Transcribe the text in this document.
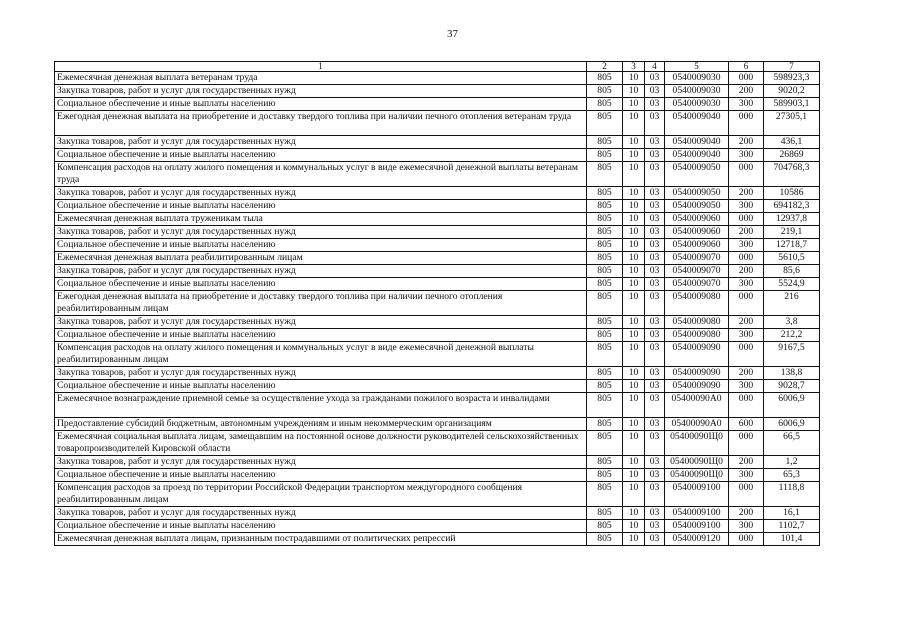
37
1	2	3	4	5	6	7
Ежемесячная денежная выплата ветеранам труда	805	10	03	0540009030	000	598923,3
Закупка товаров, работ и услуг для государственных нужд	805	10	03	0540009030	200	9020,2
Социальное обеспечение и иные выплаты населению	805	10	03	0540009030	300	589903,1
Ежегодная денежная выплата на приобретение и доставку твердого топлива при наличии печного отопления ветеранам труда	805	10	03	0540009040	000	27305,1
Закупка товаров, работ и услуг для государственных нужд	805	10	03	0540009040	200	436,1
Социальное обеспечение и иные выплаты населению	805	10	03	0540009040	300	26869
Компенсация расходов на оплату жилого помещения и коммунальных услуг в виде ежемесячной денежной выплаты ветеранам труда	805	10	03	0540009050	000	704768,3
Закупка товаров, работ и услуг для государственных нужд	805	10	03	0540009050	200	10586
Социальное обеспечение и иные выплаты населению	805	10	03	0540009050	300	694182,3
Ежемесячная денежная выплата труженикам тыла	805	10	03	0540009060	000	12937,8
Закупка товаров, работ и услуг для государственных нужд	805	10	03	0540009060	200	219,1
Социальное обеспечение и иные выплаты населению	805	10	03	0540009060	300	12718,7
Ежемесячная денежная выплата реабилитированным лицам	805	10	03	0540009070	000	5610,5
Закупка товаров, работ и услуг для государственных нужд	805	10	03	0540009070	200	85,6
Социальное обеспечение и иные выплаты населению	805	10	03	0540009070	300	5524,9
Ежегодная денежная выплата на приобретение и доставку твердого топлива при наличии печного отопления реабилитированным лицам	805	10	03	0540009080	000	216
Закупка товаров, работ и услуг для государственных нужд	805	10	03	0540009080	200	3,8
Социальное обеспечение и иные выплаты населению	805	10	03	0540009080	300	212,2
Компенсация расходов на оплату жилого помещения и коммунальных услуг в виде ежемесячной денежной выплаты реабилитированным лицам	805	10	03	0540009090	000	9167,5
Закупка товаров, работ и услуг для государственных нужд	805	10	03	0540009090	200	138,8
Социальное обеспечение и иные выплаты населению	805	10	03	0540009090	300	9028,7
Ежемесячное вознаграждение приемной семье за осуществление ухода за гражданами пожилого возраста и инвалидами	805	10	03	05400090А0	000	6006,9
Предоставление субсидий бюджетным, автономным учреждениям и иным некоммерческим организациям	805	10	03	05400090А0	600	6006,9
Ежемесячная социальная выплата лицам, замещавшим на постоянной основе должности руководителей сельскохозяйственных товаропроизводителей Кировской области	805	10	03	05400090Щ0	000	66,5
Закупка товаров, работ и услуг для государственных нужд	805	10	03	05400090Щ0	200	1,2
Социальное обеспечение и иные выплаты населению	805	10	03	05400090Щ0	300	65,3
Компенсация расходов за проезд по территории Российской Федерации транспортом междугородного сообщения реабилитированным лицам	805	10	03	0540009100	000	1118,8
Закупка товаров, работ и услуг для государственных нужд	805	10	03	0540009100	200	16,1
Социальное обеспечение и иные выплаты населению	805	10	03	0540009100	300	1102,7
Ежемесячная денежная выплата лицам, признанным пострадавшими от политических репрессий	805	10	03	0540009120	000	101,4
